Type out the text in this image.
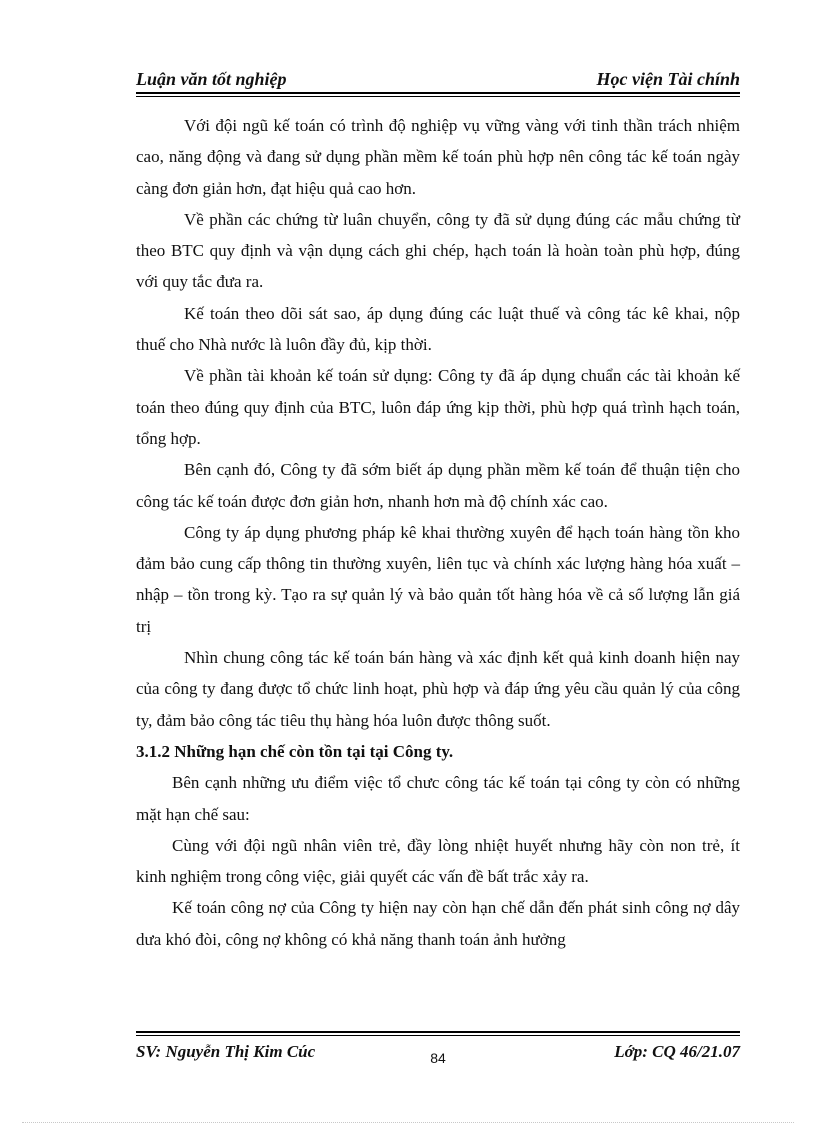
Luận văn tốt nghiệp	Học viện Tài chính

Với đội ngũ kế toán có trình độ nghiệp vụ vững vàng với tinh thần trách nhiệm cao, năng động và đang sử dụng phần mềm kế toán phù hợp nên công tác kế toán ngày càng đơn giản hơn, đạt hiệu quả cao hơn.

Về phần các chứng từ luân chuyển, công ty đã sử dụng đúng các mẫu chứng từ theo BTC quy định và vận dụng cách ghi chép, hạch toán là hoàn toàn phù hợp, đúng với quy tắc đưa ra.

Kế toán theo dõi sát sao, áp dụng đúng các luật thuế và công tác kê khai, nộp thuế cho Nhà nước là luôn đầy đủ, kịp thời.

Về phần tài khoản kế toán sử dụng: Công ty đã áp dụng chuẩn các tài khoản kế toán theo đúng quy định của BTC, luôn đáp ứng kịp thời, phù hợp quá trình hạch toán, tổng hợp.

Bên cạnh đó, Công ty đã sớm biết áp dụng phần mềm kế toán để thuận tiện cho công tác kế toán được đơn giản hơn, nhanh hơn mà độ chính xác cao.

Công ty áp dụng phương pháp kê khai thường xuyên để hạch toán hàng tồn kho đảm bảo cung cấp thông tin thường xuyên, liên tục và chính xác lượng hàng hóa xuất – nhập – tồn trong kỳ. Tạo ra sự quản lý và bảo quản tốt hàng hóa về cả số lượng lẫn giá trị

Nhìn chung công tác kế toán bán hàng và xác định kết quả kinh doanh hiện nay của công ty đang được tổ chức linh hoạt, phù hợp và đáp ứng yêu cầu quản lý của công ty, đảm bảo công tác tiêu thụ hàng hóa luôn được thông suốt.

3.1.2 Những hạn chế còn tồn tại tại Công ty.

Bên cạnh những ưu điểm việc tổ chưc công tác kế toán tại công ty còn có những mặt hạn chế sau:

Cùng với đội ngũ nhân viên trẻ, đầy lòng nhiệt huyết nhưng hãy còn non trẻ, ít kinh nghiệm trong công việc, giải quyết các vấn đề bất trắc xảy ra.

Kế toán công nợ của Công ty hiện nay còn hạn chế dẫn đến phát sinh công nợ dây dưa khó đòi, công nợ không có khả năng thanh toán ảnh hưởng

SV: Nguyễn Thị Kim Cúc	84	Lớp: CQ 46/21.07
